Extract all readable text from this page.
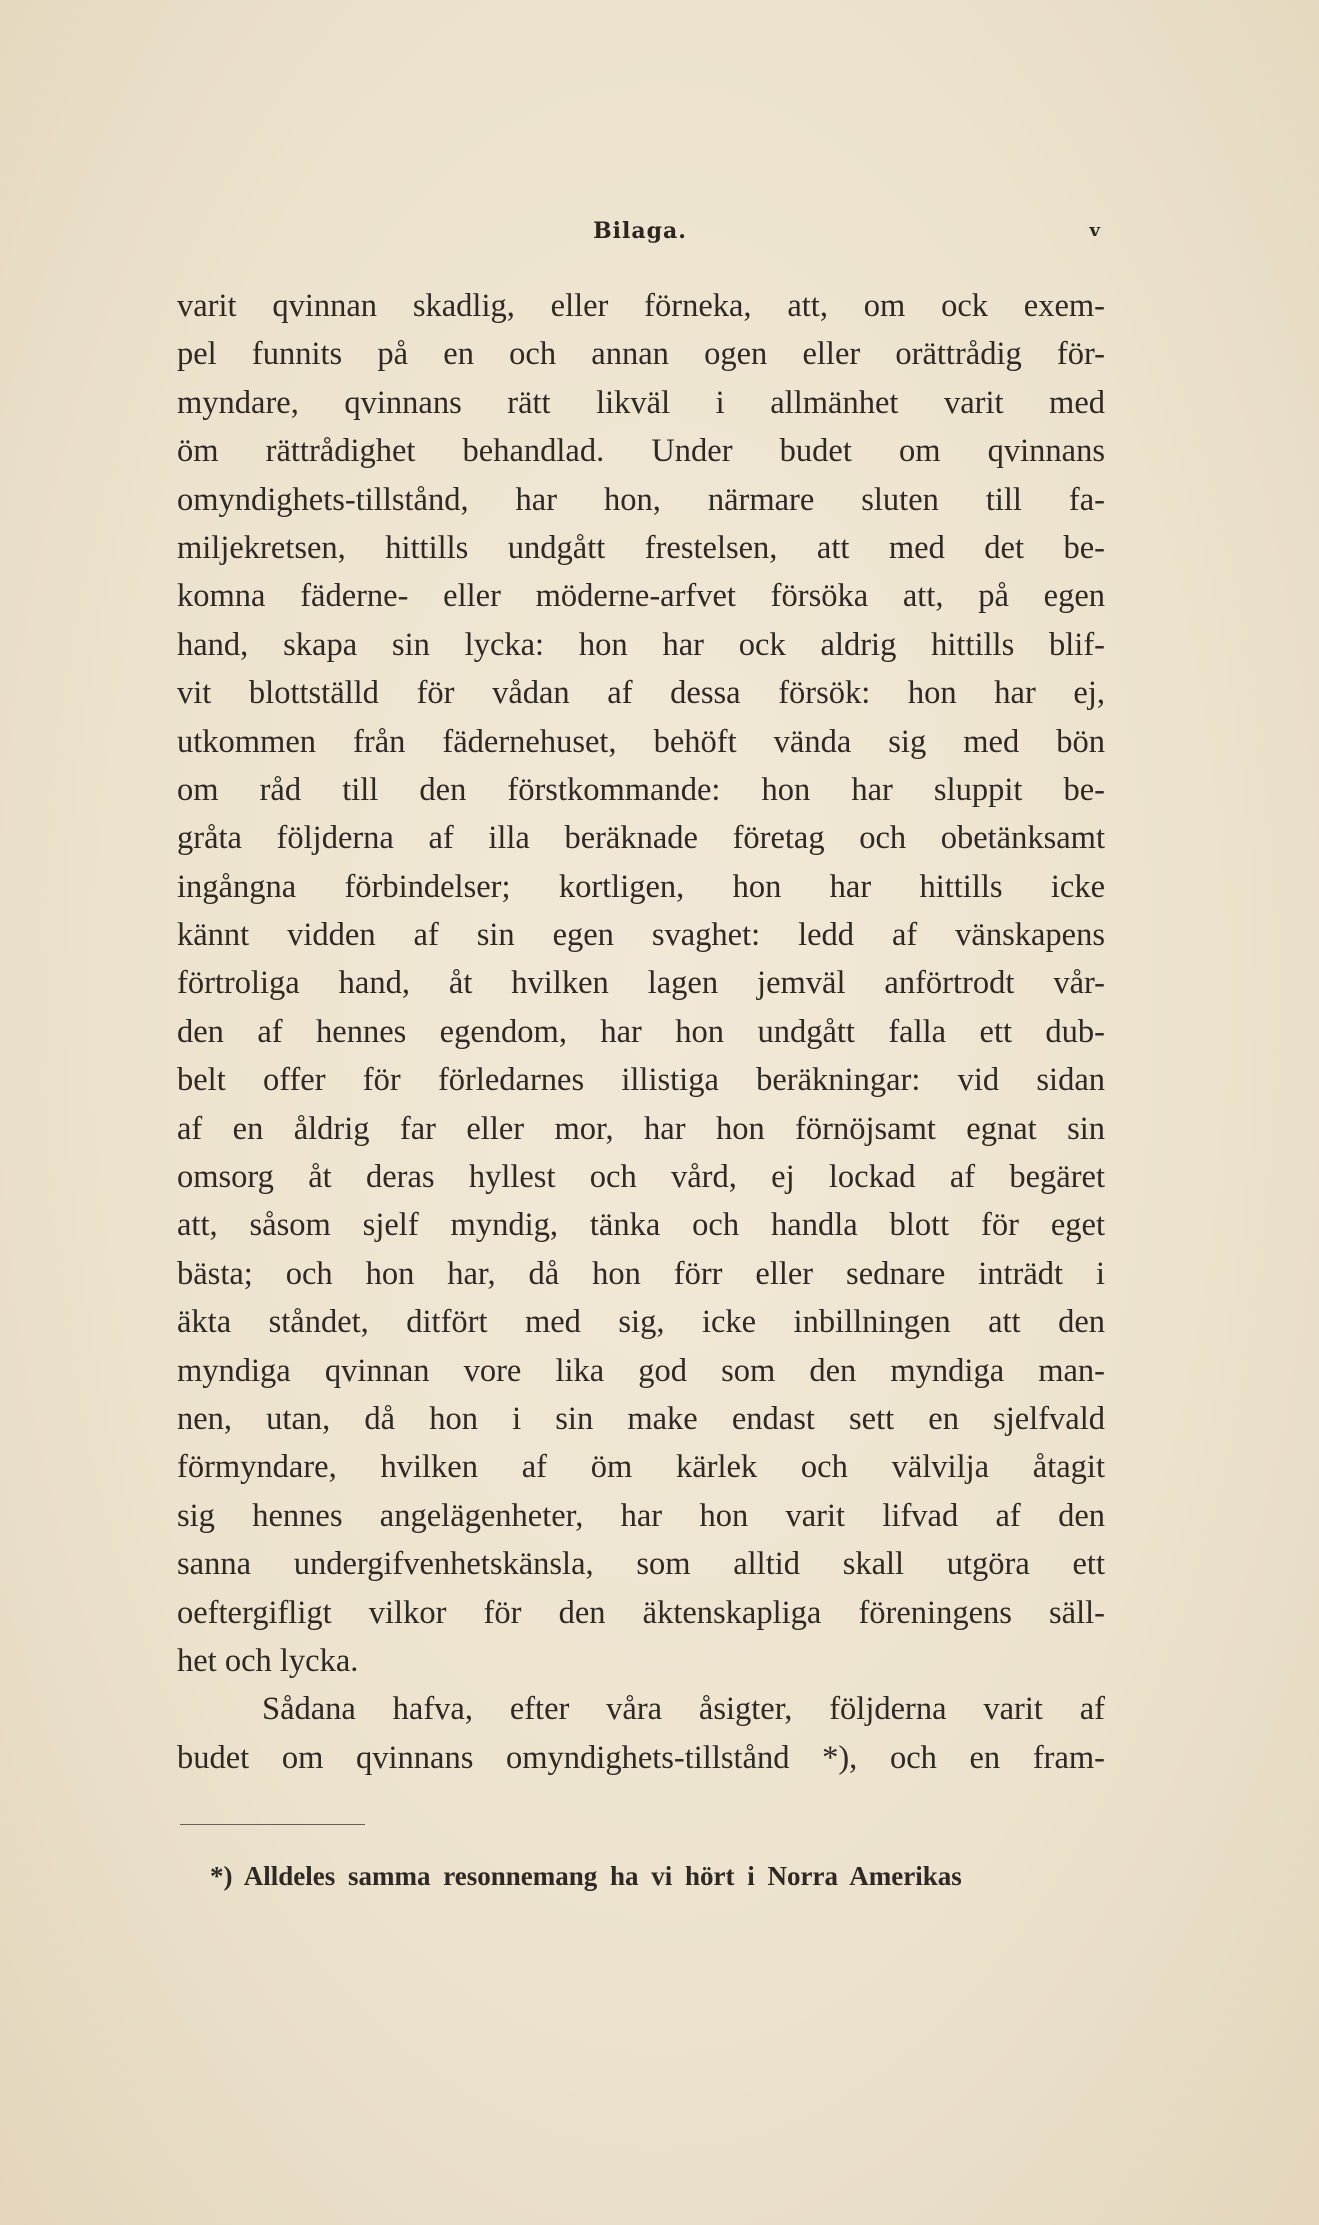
Bilaga.	v
varit qvinnan skadlig, eller förneka, att, om ock exem-
pel funnits på en och annan ogen eller orättrådig för-
myndare, qvinnans rätt likväl i allmänhet varit med
öm rättrådighet behandlad. Under budet om qvinnans
omyndighets-tillstånd, har hon, närmare sluten till fa-
miljekretsen, hittills undgått frestelsen, att med det be-
komna fäderne- eller möderne-arfvet försöka att, på egen
hand, skapa sin lycka: hon har ock aldrig hittills blif-
vit blottställd för vådan af dessa försök: hon har ej,
utkommen från fädernehuset, behöft vända sig med bön
om råd till den förstkommande: hon har sluppit be-
gråta följderna af illa beräknade företag och obetänksamt
ingångna förbindelser; kortligen, hon har hittills icke
kännt vidden af sin egen svaghet: ledd af vänskapens
förtroliga hand, åt hvilken lagen jemväl anförtrodt vår-
den af hennes egendom, har hon undgått falla ett dub-
belt offer för förledarnes illistiga beräkningar: vid sidan
af en åldrig far eller mor, har hon förnöjsamt egnat sin
omsorg åt deras hyllest och vård, ej lockad af begäret
att, såsom sjelf myndig, tänka och handla blott för eget
bästa; och hon har, då hon förr eller sednare inträdt i
äkta ståndet, ditfört med sig, icke inbillningen att den
myndiga qvinnan vore lika god som den myndiga man-
nen, utan, då hon i sin make endast sett en sjelfvald
förmyndare, hvilken af öm kärlek och välvilja åtagit
sig hennes angelägenheter, har hon varit lifvad af den
sanna undergifvenhetskänsla, som alltid skall utgöra ett
oeftergifligt vilkor för den äktenskapliga föreningens säll-
het och lycka.
Sådana hafva, efter våra åsigter, följderna varit af
budet om qvinnans omyndighets-tillstånd *), och en fram-
*) Alldeles samma resonnemang ha vi hört i Norra Amerikas
